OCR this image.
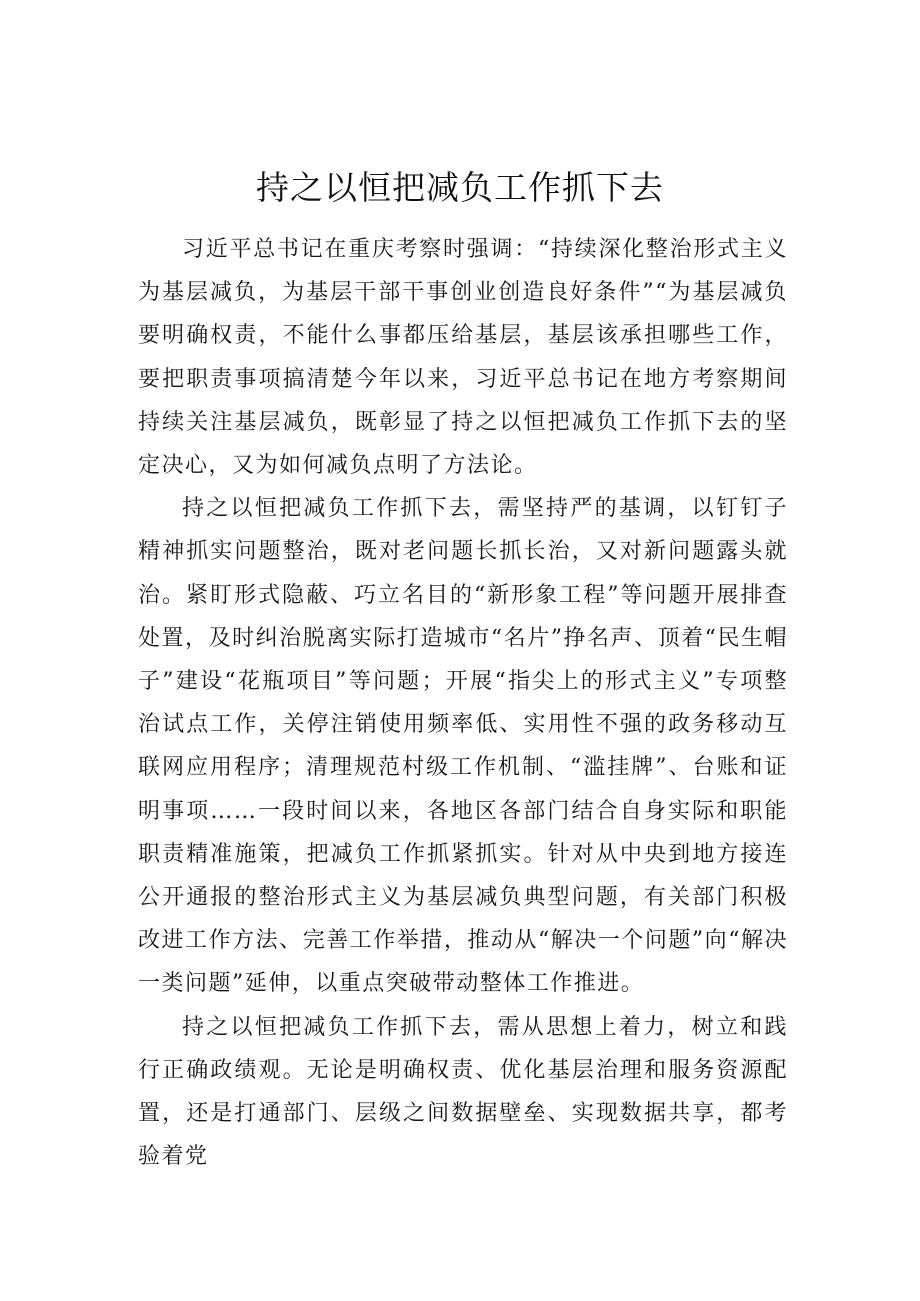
持之以恒把减负工作抓下去

习近平总书记在重庆考察时强调：“持续深化整治形式主义为基层减负，为基层干部干事创业创造良好条件”“为基层减负要明确权责，不能什么事都压给基层，基层该承担哪些工作，要把职责事项搞清楚今年以来，习近平总书记在地方考察期间持续关注基层减负，既彰显了持之以恒把减负工作抓下去的坚定决心，又为如何减负点明了方法论。

持之以恒把减负工作抓下去，需坚持严的基调，以钉钉子精神抓实问题整治，既对老问题长抓长治，又对新问题露头就治。紧盯形式隐蔽、巧立名目的“新形象工程”等问题开展排查处置，及时纠治脱离实际打造城市“名片”挣名声、顶着“民生帽子”建设“花瓶项目”等问题；开展“指尖上的形式主义”专项整治试点工作，关停注销使用频率低、实用性不强的政务移动互联网应用程序；清理规范村级工作机制、“滥挂牌”、台账和证明事项……一段时间以来，各地区各部门结合自身实际和职能职责精准施策，把减负工作抓紧抓实。针对从中央到地方接连公开通报的整治形式主义为基层减负典型问题，有关部门积极改进工作方法、完善工作举措，推动从“解决一个问题”向“解决一类问题”延伸，以重点突破带动整体工作推进。

持之以恒把减负工作抓下去，需从思想上着力，树立和践行正确政绩观。无论是明确权责、优化基层治理和服务资源配置，还是打通部门、层级之间数据壁垒、实现数据共享，都考验着党
